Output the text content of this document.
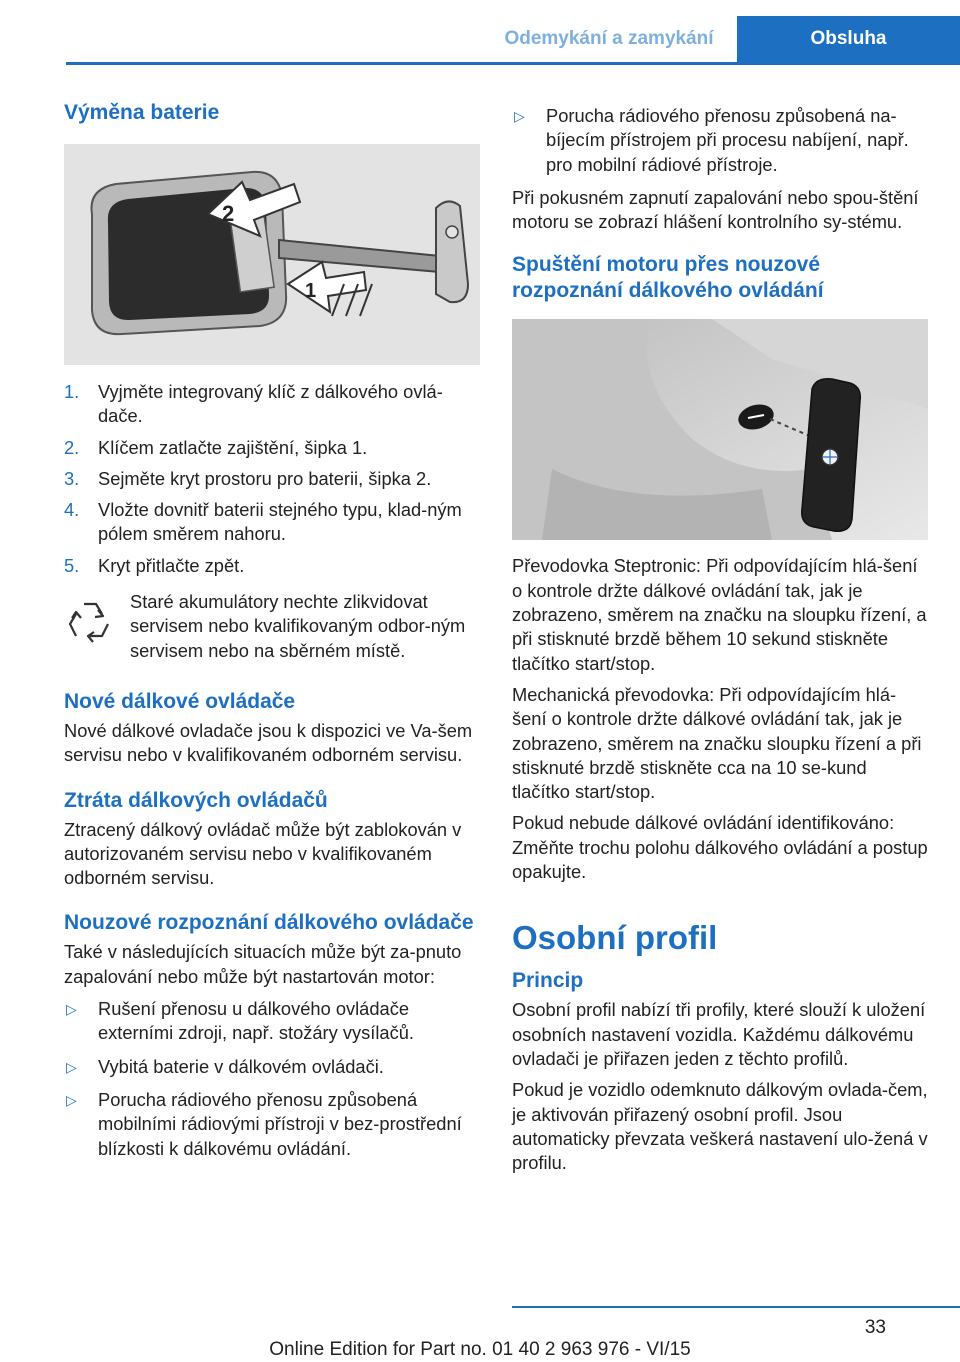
Odemykání a zamykání	Obsluha
Výměna baterie
2
1
1. Vyjměte integrovaný klíč z dálkového ovlá‐dače.
2. Klíčem zatlačte zajištění, šipka 1.
3. Sejměte kryt prostoru pro baterii, šipka 2.
4. Vložte dovnitř baterii stejného typu, klad‐ným pólem směrem nahoru.
5. Kryt přitlačte zpět.

Staré akumulátory nechte zlikvidovat servisem nebo kvalifikovaným odbor‐ným servisem nebo na sběrném místě.

Nové dálkové ovládače

Nové dálkové ovladače jsou k dispozici ve Va‐šem servisu nebo v kvalifikovaném odborném servisu.

Ztráta dálkových ovládačů

Ztracený dálkový ovládač může být zablokován v autorizovaném servisu nebo v kvalifikovaném odborném servisu.

Nouzové rozpoznání dálkového ovládače

Také v následujících situacích může být za‐pnuto zapalování nebo může být nastartován motor:

▷ Rušení přenosu u dálkového ovládače externími zdroji, např. stožáry vysílačů.
▷ Vybitá baterie v dálkovém ovládači.
▷ Porucha rádiového přenosu způsobená mobilními rádiovými přístroji v bez‐prostřední blízkosti k dálkovému ovládání.
▷ Porucha rádiového přenosu způsobená na‐bíjecím přístrojem při procesu nabíjení, např. pro mobilní rádiové přístroje.

Při pokusném zapnutí zapalování nebo spou‐štění motoru se zobrazí hlášení kontrolního sy‐stému.

Spuštění motoru přes nouzové rozpoznání dálkového ovládání

Převodovka Steptronic: Při odpovídajícím hlá‐šení o kontrole držte dálkové ovládání tak, jak je zobrazeno, směrem na značku na sloupku řízení, a při stisknuté brzdě během 10 sekund stiskněte tlačítko start/stop.

Mechanická převodovka: Při odpovídajícím hlá‐šení o kontrole držte dálkové ovládání tak, jak je zobrazeno, směrem na značku sloupku řízení a při stisknuté brzdě stiskněte cca na 10 se‐kund tlačítko start/stop.

Pokud nebude dálkové ovládání identifikováno: Změňte trochu polohu dálkového ovládání a postup opakujte.

Osobní profil
Princip

Osobní profil nabízí tři profily, které slouží k uložení osobních nastavení vozidla. Každému dálkovému ovladači je přiřazen jeden z těchto profilů.

Pokud je vozidlo odemknuto dálkovým ovlada‐čem, je aktivován přiřazený osobní profil. Jsou automaticky převzata veškerá nastavení ulo‐žená v profilu.

33
Online Edition for Part no. 01 40 2 963 976 - VI/15
